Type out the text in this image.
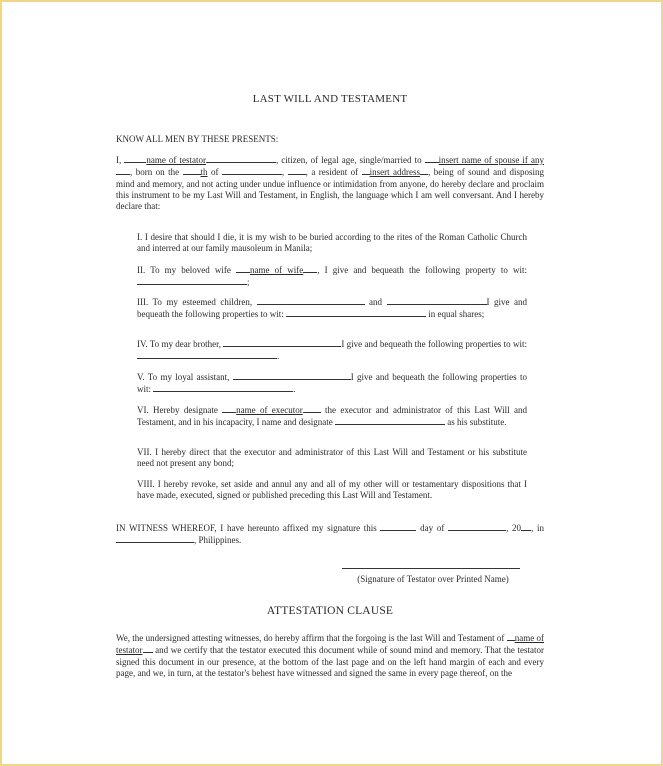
LAST WILL AND TESTAMENT
KNOW ALL MEN BY THESE PRESENTS:
I, name of testator	, citizen, of legal age, single/married to insert name of spouse if any, born on the th of	, , a resident of insert address , being of sound and disposing mind and memory, and not acting under undue influence or intimidation from anyone, do hereby declare and proclaim this instrument to be my Last Will and Testament, in English, the language which I am well conversant. And I hereby declare that:
I. I desire that should I die, it is my wish to be buried according to the rites of the Roman Catholic Church and interred at our family mausoleum in Manila;
II. To my beloved wife name of wife , I give and bequeath the following property to wit: ;
III. To my esteemed children,	and	I give and bequeath the following properties to wit:	in equal shares;
IV. To my dear brother,	I give and bequeath the following properties to wit: .
V. To my loyal assistant,	I give and bequeath the following properties to wit:	.
VI. Hereby designate name of executor the executor and administrator of this Last Will and Testament, and in his incapacity, I name and designate	as his substitute.
VII. I hereby direct that the executor and administrator of this Last Will and Testament or his substitute need not present any bond;
VIII. I hereby revoke, set aside and annul any and all of my other will or testamentary dispositions that I have made, executed, signed or published preceding this Last Will and Testament.
IN WITNESS WHEREOF, I have hereunto affixed my signature this	day of	, 20 , in , Philippines.
(Signature of Testator over Printed Name)
ATTESTATION CLAUSE
We, the undersigned attesting witnesses, do hereby affirm that the forgoing is the last Will and Testament of name of testator and we certify that the testator executed this document while of sound mind and memory. That the testator signed this document in our presence, at the bottom of the last page and on the left hand margin of each and every page, and we, in turn, at the testator's behest have witnessed and signed the same in every page thereof, on the
